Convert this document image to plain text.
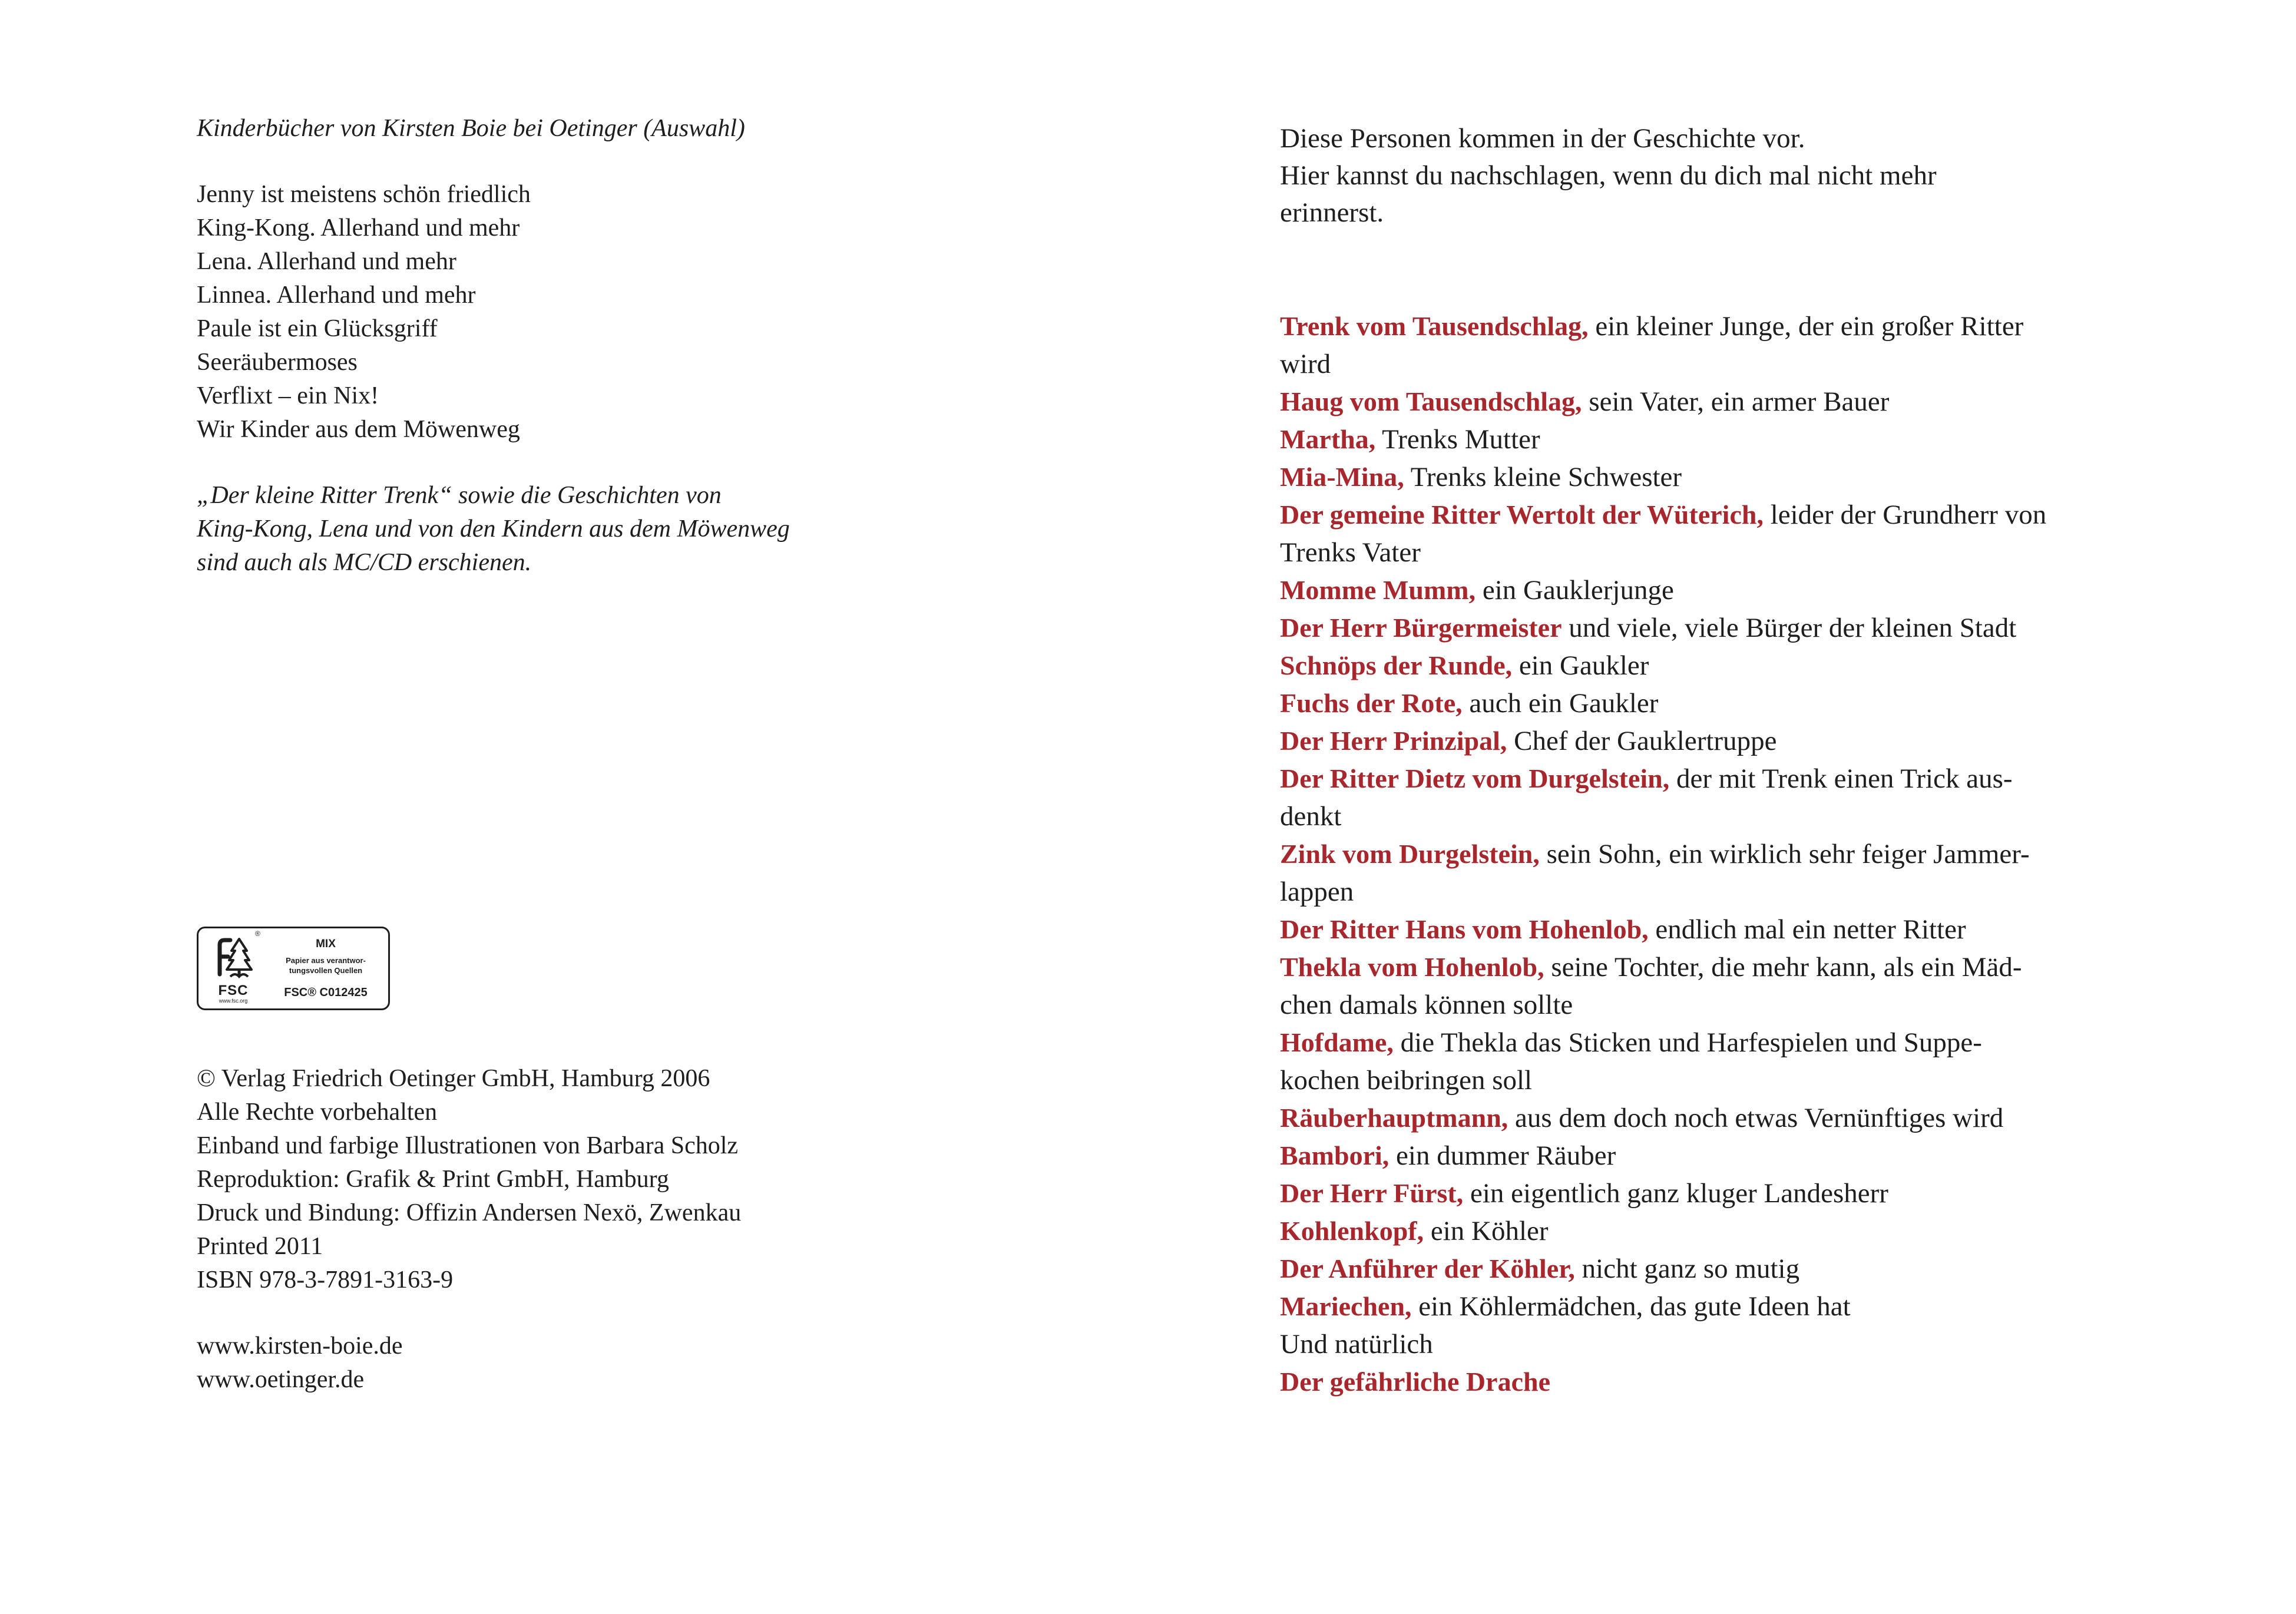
Kinderbücher von Kirsten Boie bei Oetinger (Auswahl)
Jenny ist meistens schön friedlich
King-Kong. Allerhand und mehr
Lena. Allerhand und mehr
Linnea. Allerhand und mehr
Paule ist ein Glücksgriff
Seeräubermoses
Verflixt – ein Nix!
Wir Kinder aus dem Möwenweg
„Der kleine Ritter Trenk“ sowie die Geschichten von
King-Kong, Lena und von den Kindern aus dem Möwenweg
sind auch als MC/CD erschienen.
FSC
www.fsc.org
®
MIX
Papier aus verantwor-
tungsvollen Quellen
FSC® C012425
© Verlag Friedrich Oetinger GmbH, Hamburg 2006
Alle Rechte vorbehalten
Einband und farbige Illustrationen von Barbara Scholz
Reproduktion: Grafik & Print GmbH, Hamburg
Druck und Bindung: Offizin Andersen Nexö, Zwenkau
Printed 2011
ISBN 978-3-7891-3163-9
www.kirsten-boie.de
www.oetinger.de
Diese Personen kommen in der Geschichte vor.
Hier kannst du nachschlagen, wenn du dich mal nicht mehr
erinnerst.
Trenk vom Tausendschlag, ein kleiner Junge, der ein großer Ritter
wird
Haug vom Tausendschlag, sein Vater, ein armer Bauer
Martha, Trenks Mutter
Mia-Mina, Trenks kleine Schwester
Der gemeine Ritter Wertolt der Wüterich, leider der Grundherr von
Trenks Vater
Momme Mumm, ein Gauklerjunge
Der Herr Bürgermeister und viele, viele Bürger der kleinen Stadt
Schnöps der Runde, ein Gaukler
Fuchs der Rote, auch ein Gaukler
Der Herr Prinzipal, Chef der Gauklertruppe
Der Ritter Dietz vom Durgelstein, der mit Trenk einen Trick aus-
denkt
Zink vom Durgelstein, sein Sohn, ein wirklich sehr feiger Jammer-
lappen
Der Ritter Hans vom Hohenlob, endlich mal ein netter Ritter
Thekla vom Hohenlob, seine Tochter, die mehr kann, als ein Mäd-
chen damals können sollte
Hofdame, die Thekla das Sticken und Harfespielen und Suppe-
kochen beibringen soll
Räuberhauptmann, aus dem doch noch etwas Vernünftiges wird
Bambori, ein dummer Räuber
Der Herr Fürst, ein eigentlich ganz kluger Landesherr
Kohlenkopf, ein Köhler
Der Anführer der Köhler, nicht ganz so mutig
Mariechen, ein Köhlermädchen, das gute Ideen hat
Und natürlich
Der gefährliche Drache
